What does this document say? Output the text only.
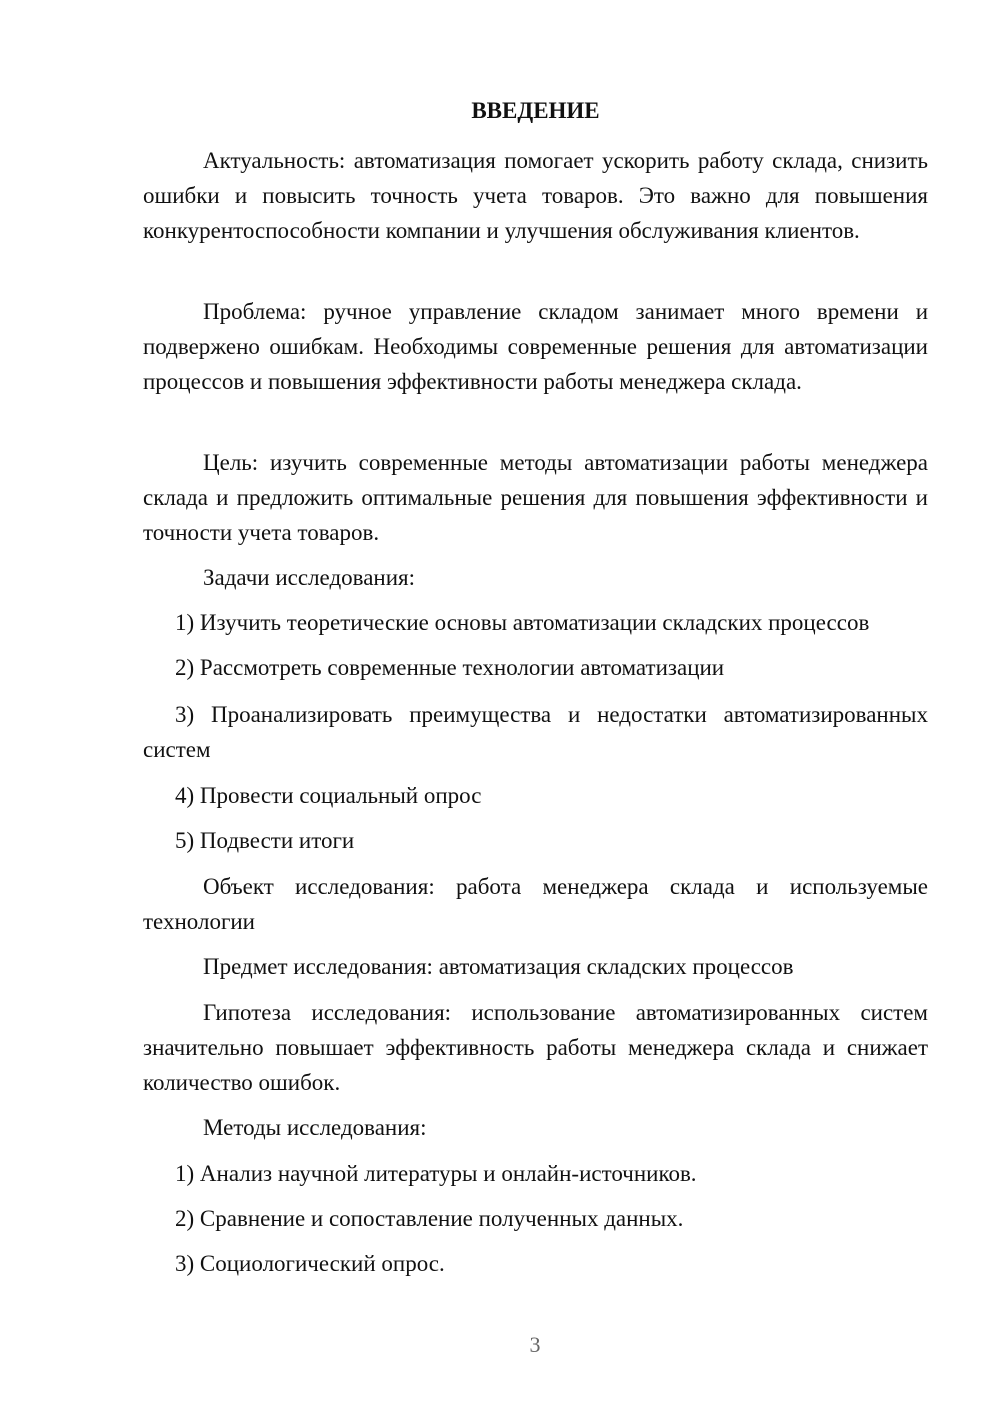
ВВЕДЕНИЕ

Актуальность: автоматизация помогает ускорить работу склада, снизить ошибки и повысить точность учета товаров. Это важно для повышения конкурентоспособности компании и улучшения обслуживания клиентов.

Проблема: ручное управление складом занимает много времени и подвержено ошибкам. Необходимы современные решения для автоматизации процессов и повышения эффективности работы менеджера склада.

Цель: изучить современные методы автоматизации работы менеджера склада и предложить оптимальные решения для повышения эффективности и точности учета товаров.

Задачи исследования:

1) Изучить теоретические основы автоматизации складских процессов

2) Рассмотреть современные технологии автоматизации

3) Проанализировать преимущества и недостатки автоматизированных систем

4) Провести социальный опрос

5) Подвести итоги

Объект исследования: работа менеджера склада и используемые технологии

Предмет исследования: автоматизация складских процессов

Гипотеза исследования: использование автоматизированных систем значительно повышает эффективность работы менеджера склада и снижает количество ошибок.

Методы исследования:

1) Анализ научной литературы и онлайн-источников.

2) Сравнение и сопоставление полученных данных.

3) Социологический опрос.

3
